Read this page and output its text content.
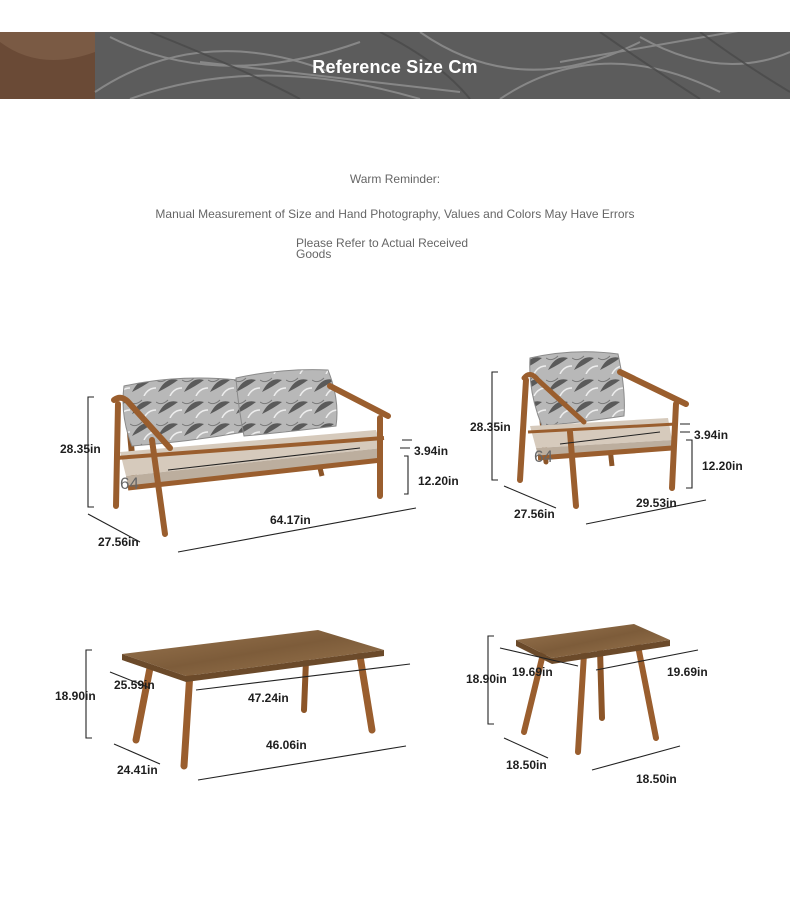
Reference Size Cm
Warm Reminder:
Manual Measurement of Size and Hand Photography, Values and Colors May Have Errors
Please Refer to Actual Received Goods
28.35in	3.94in
12.20in
64.17in
27.56in
64
28.35in
3.94in
12.20in
29.53in
27.56in
64
18.90in
25.59in
47.24in
46.06in
24.41in
18.90in 19.69in	19.69in
18.50in
18.50in
